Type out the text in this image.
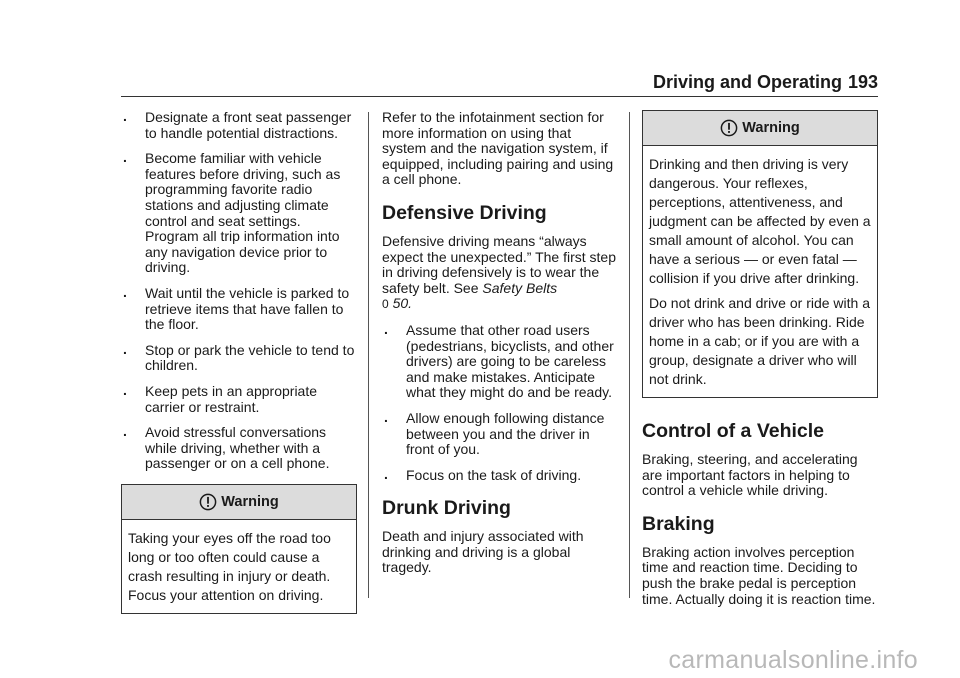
Driving and Operating 193
. Designate a front seat passenger to handle potential distractions.
. Become familiar with vehicle features before driving, such as programming favorite radio stations and adjusting climate control and seat settings. Program all trip information into any navigation device prior to driving.
. Wait until the vehicle is parked to retrieve items that have fallen to the floor.
. Stop or park the vehicle to tend to children.
. Keep pets in an appropriate carrier or restraint.
. Avoid stressful conversations while driving, whether with a passenger or on a cell phone.
Warning

Taking your eyes off the road too long or too often could cause a crash resulting in injury or death. Focus your attention on driving.

Refer to the infotainment section for more information on using that system and the navigation system, if equipped, including pairing and using a cell phone.

Defensive Driving

Defensive driving means “always expect the unexpected.” The first step in driving defensively is to wear the safety belt. See Safety Belts
0 50.

. Assume that other road users (pedestrians, bicyclists, and other drivers) are going to be careless and make mistakes. Anticipate what they might do and be ready.
. Allow enough following distance between you and the driver in front of you.
. Focus on the task of driving.
Drunk Driving

Death and injury associated with drinking and driving is a global tragedy.

Warning

Drinking and then driving is very dangerous. Your reflexes, perceptions, attentiveness, and judgment can be affected by even a small amount of alcohol. You can have a serious — or even fatal — collision if you drive after drinking.

Do not drink and drive or ride with a driver who has been drinking. Ride home in a cab; or if you are with a group, designate a driver who will not drink.

Control of a Vehicle

Braking, steering, and accelerating are important factors in helping to control a vehicle while driving.

Braking

Braking action involves perception time and reaction time. Deciding to push the brake pedal is perception time. Actually doing it is reaction time.

carmanualsonline.info
